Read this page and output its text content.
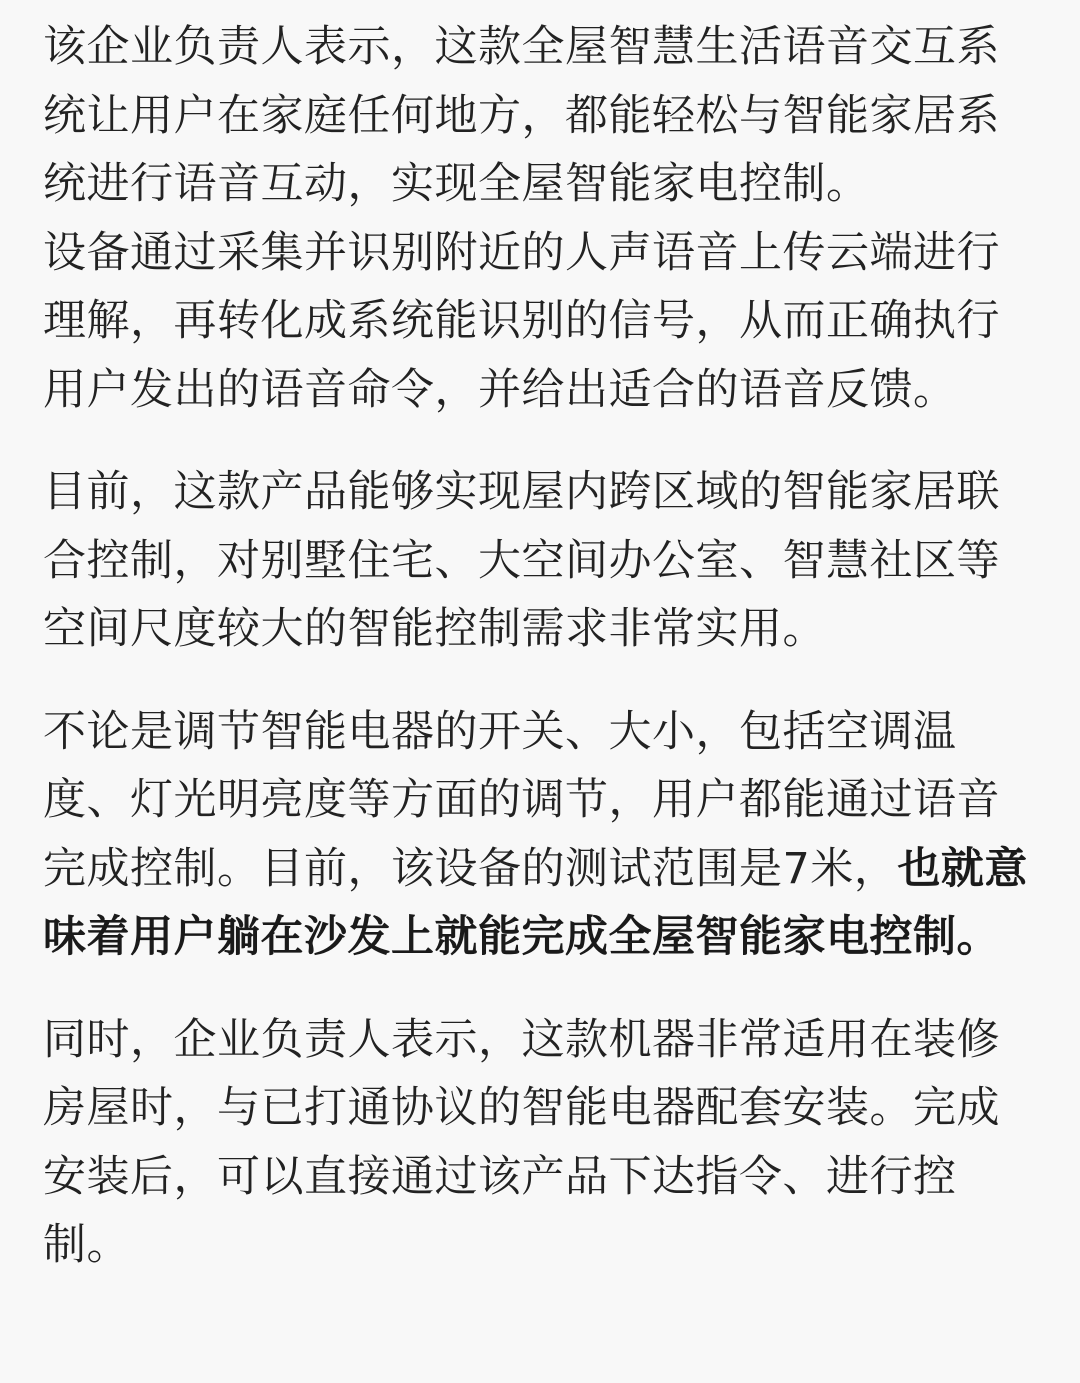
该企业负责人表示，这款全屋智慧生活语音交互系统让用户在家庭任何地方，都能轻松与智能家居系统进行语音互动，实现全屋智能家电控制。

设备通过采集并识别附近的人声语音上传云端进行理解，再转化成系统能识别的信号，从而正确执行用户发出的语音命令，并给出适合的语音反馈。

目前，这款产品能够实现屋内跨区域的智能家居联合控制，对别墅住宅、大空间办公室、智慧社区等空间尺度较大的智能控制需求非常实用。

不论是调节智能电器的开关、大小，包括空调温度、灯光明亮度等方面的调节，用户都能通过语音完成控制。目前，该设备的测试范围是7米，也就意味着用户躺在沙发上就能完成全屋智能家电控制。

同时，企业负责人表示，这款机器非常适用在装修房屋时，与已打通协议的智能电器配套安装。完成安装后，可以直接通过该产品下达指令、进行控制。
